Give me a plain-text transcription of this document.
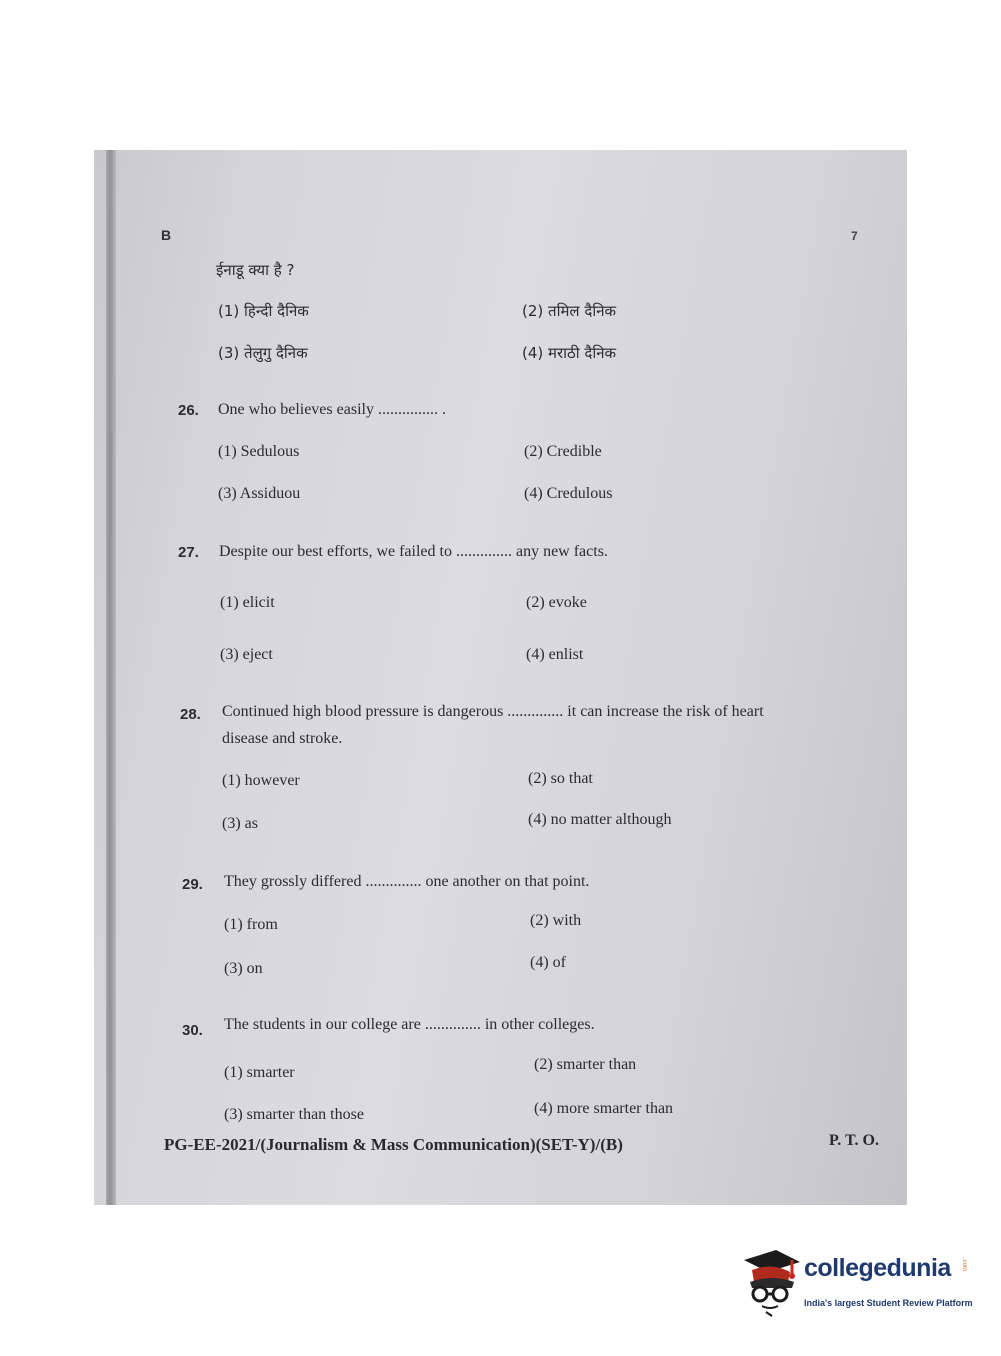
B	7
ईनाडू क्या है ?
(1) हिन्दी दैनिक	(2) तमिल दैनिक
(3) तेलुगु दैनिक	(4) मराठी दैनिक
26. One who believes easily ............... .
(1) Sedulous	(2) Credible
(3) Assiduou	(4) Credulous
27. Despite our best efforts, we failed to .............. any new facts.
(1) elicit	(2) evoke
(3) eject	(4) enlist
28. Continued high blood pressure is dangerous .............. it can increase the risk of heart
disease and stroke.
(1) however	(2) so that
(3) as	(4) no matter although
29. They grossly differed .............. one another on that point.
(1) from	(2) with
(3) on	(4) of
30. The students in our college are .............. in other colleges.
(1) smarter	(2) smarter than
(3) smarter than those	(4) more smarter than
PG-EE-2021/(Journalism & Mass Communication)(SET-Y)/(B)	P. T. O.
collegedunia .com
India's largest Student Review Platform
